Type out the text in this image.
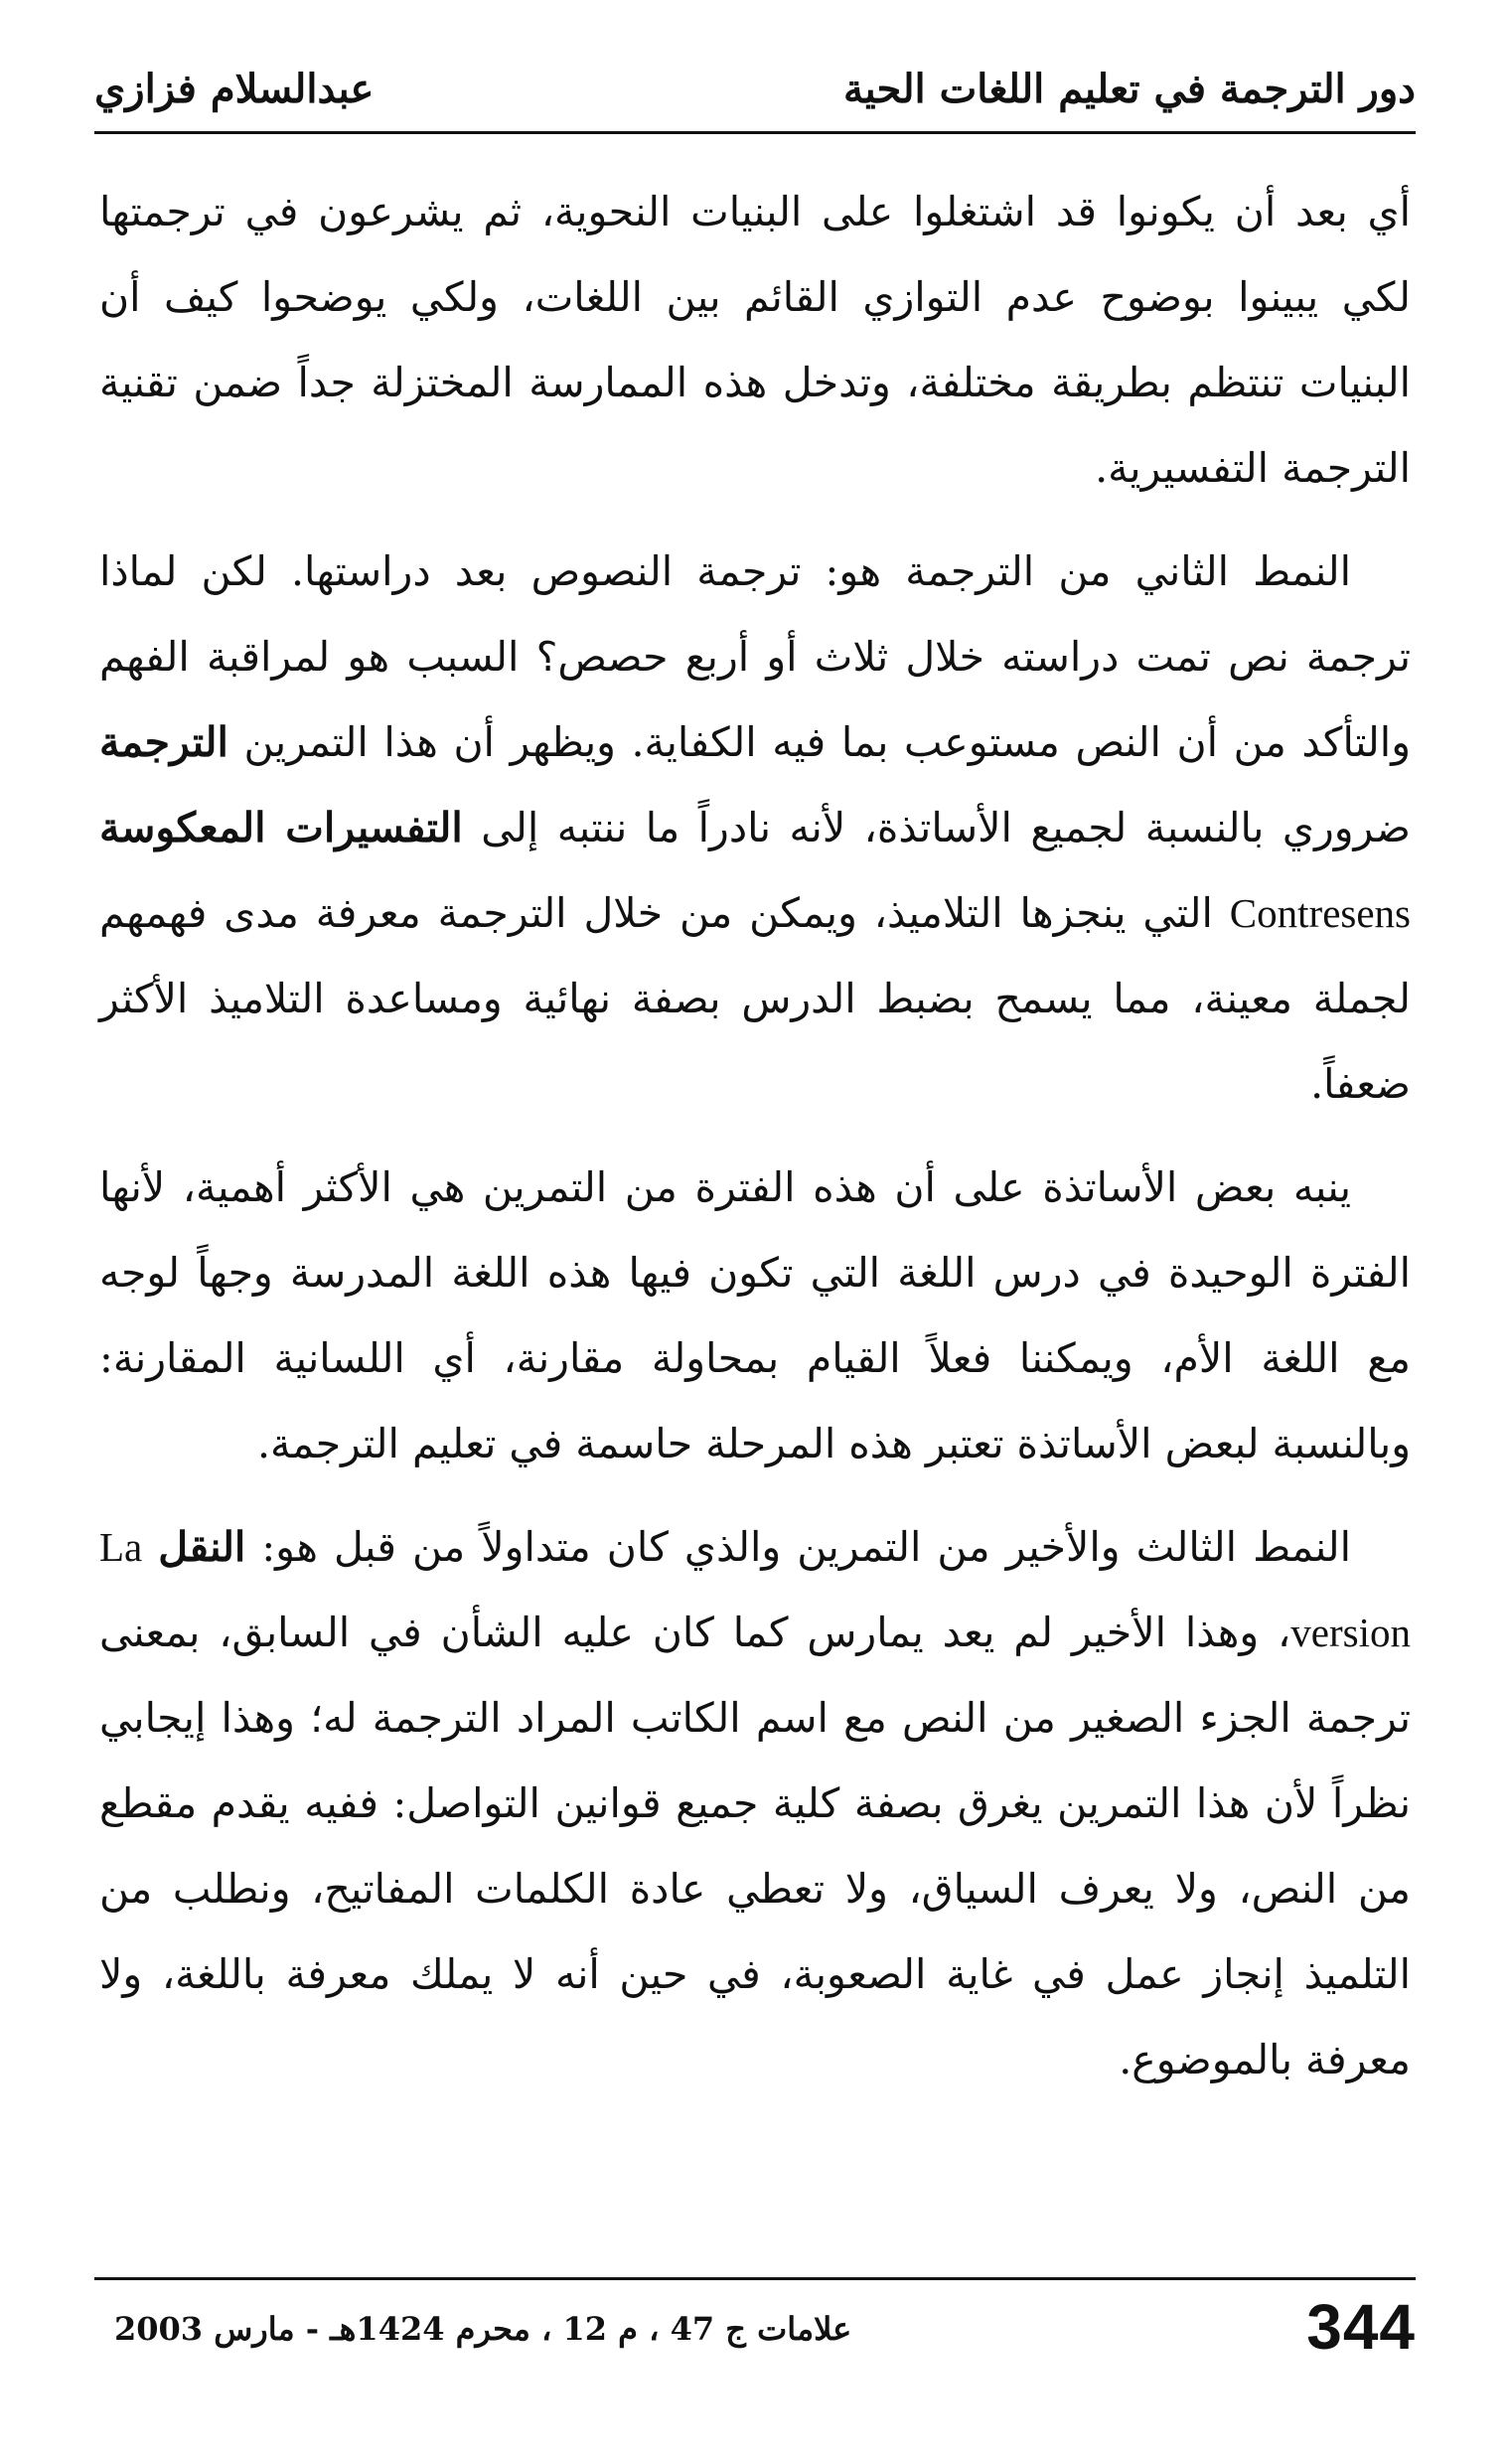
دور الترجمة في تعليم اللغات الحية
عبدالسلام فزازي

أي بعد أن يكونوا قد اشتغلوا على البنيات النحوية، ثم يشرعون في ترجمتها لكي يبينوا بوضوح عدم التوازي القائم بين اللغات، ولكي يوضحوا كيف أن البنيات تنتظم بطريقة مختلفة، وتدخل هذه الممارسة المختزلة جداً ضمن تقنية الترجمة التفسيرية.

النمط الثاني من الترجمة هو: ترجمة النصوص بعد دراستها. لكن لماذا ترجمة نص تمت دراسته خلال ثلاث أو أربع حصص؟ السبب هو لمراقبة الفهم والتأكد من أن النص مستوعب بما فيه الكفاية. ويظهر أن هذا التمرين الترجمة ضروري بالنسبة لجميع الأساتذة، لأنه نادراً ما ننتبه إلى التفسيرات المعكوسة Contresens التي ينجزها التلاميذ، ويمكن من خلال الترجمة معرفة مدى فهمهم لجملة معينة، مما يسمح بضبط الدرس بصفة نهائية ومساعدة التلاميذ الأكثر ضعفاً.

ينبه بعض الأساتذة على أن هذه الفترة من التمرين هي الأكثر أهمية، لأنها الفترة الوحيدة في درس اللغة التي تكون فيها هذه اللغة المدرسة وجهاً لوجه مع اللغة الأم، ويمكننا فعلاً القيام بمحاولة مقارنة، أي اللسانية المقارنة: وبالنسبة لبعض الأساتذة تعتبر هذه المرحلة حاسمة في تعليم الترجمة.

النمط الثالث والأخير من التمرين والذي كان متداولاً من قبل هو: النقل La version، وهذا الأخير لم يعد يمارس كما كان عليه الشأن في السابق، بمعنى ترجمة الجزء الصغير من النص مع اسم الكاتب المراد الترجمة له؛ وهذا إيجابي نظراً لأن هذا التمرين يغرق بصفة كلية جميع قوانين التواصل: ففيه يقدم مقطع من النص، ولا يعرف السياق، ولا تعطي عادة الكلمات المفاتيح، ونطلب من التلميذ إنجاز عمل في غاية الصعوبة، في حين أنه لا يملك معرفة باللغة، ولا معرفة بالموضوع.

344
علامات ج 47 ، م 12 ، محرم 1424هـ - مارس 2003
